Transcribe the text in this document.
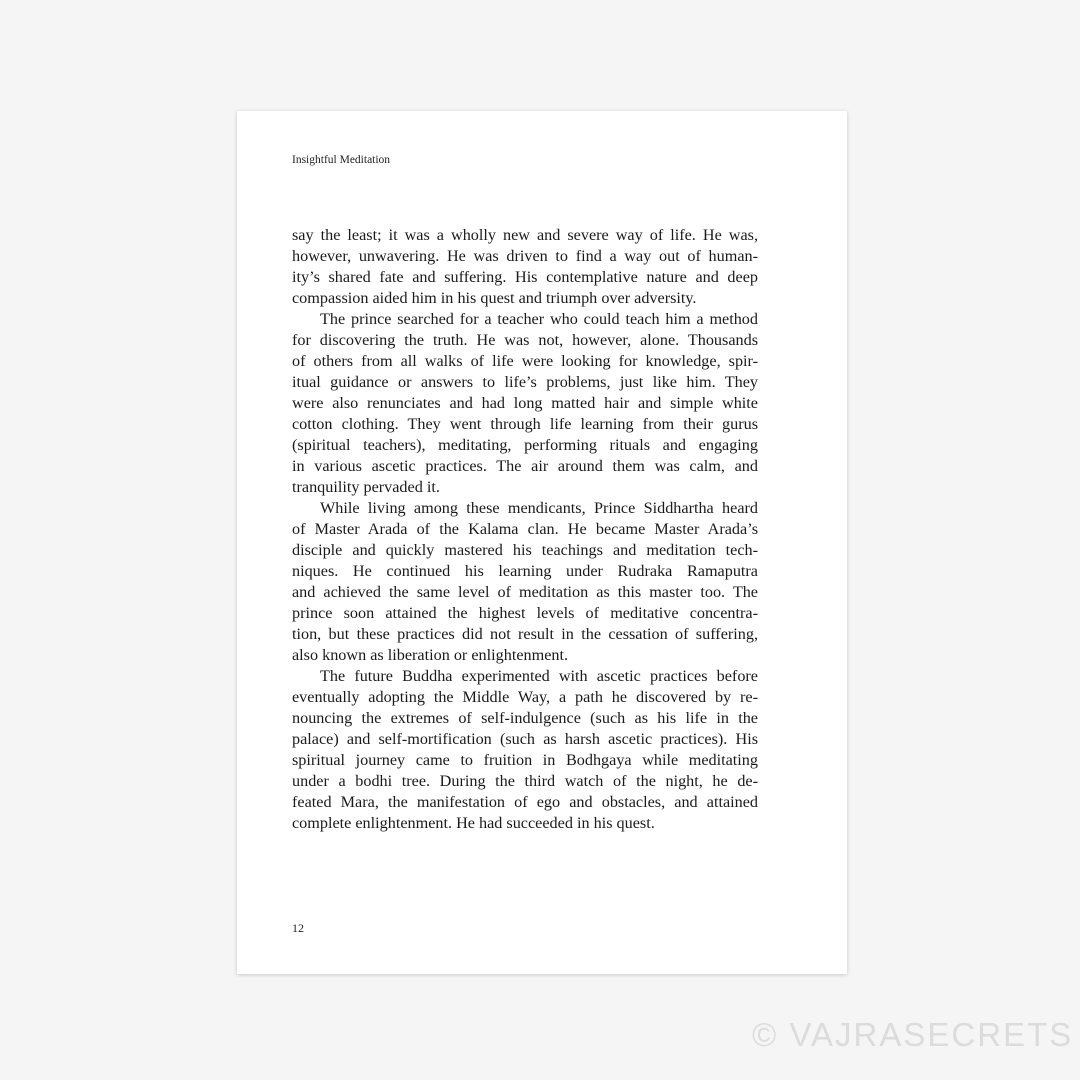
Insightful Meditation
say the least; it was a wholly new and severe way of life. He was,
however, unwavering. He was driven to find a way out of human-
ity’s shared fate and suffering. His contemplative nature and deep
compassion aided him in his quest and triumph over adversity.
The prince searched for a teacher who could teach him a method
for discovering the truth. He was not, however, alone. Thousands
of others from all walks of life were looking for knowledge, spir-
itual guidance or answers to life’s problems, just like him. They
were also renunciates and had long matted hair and simple white
cotton clothing. They went through life learning from their gurus
(spiritual teachers), meditating, performing rituals and engaging
in various ascetic practices. The air around them was calm, and
tranquility pervaded it.
While living among these mendicants, Prince Siddhartha heard
of Master Arada of the Kalama clan. He became Master Arada’s
disciple and quickly mastered his teachings and meditation tech-
niques. He continued his learning under Rudraka Ramaputra
and achieved the same level of meditation as this master too. The
prince soon attained the highest levels of meditative concentra-
tion, but these practices did not result in the cessation of suffering,
also known as liberation or enlightenment.
The future Buddha experimented with ascetic practices before
eventually adopting the Middle Way, a path he discovered by re-
nouncing the extremes of self-indulgence (such as his life in the
palace) and self-mortification (such as harsh ascetic practices). His
spiritual journey came to fruition in Bodhgaya while meditating
under a bodhi tree. During the third watch of the night, he de-
feated Mara, the manifestation of ego and obstacles, and attained
complete enlightenment. He had succeeded in his quest.
12
© VAJRASECRETS
